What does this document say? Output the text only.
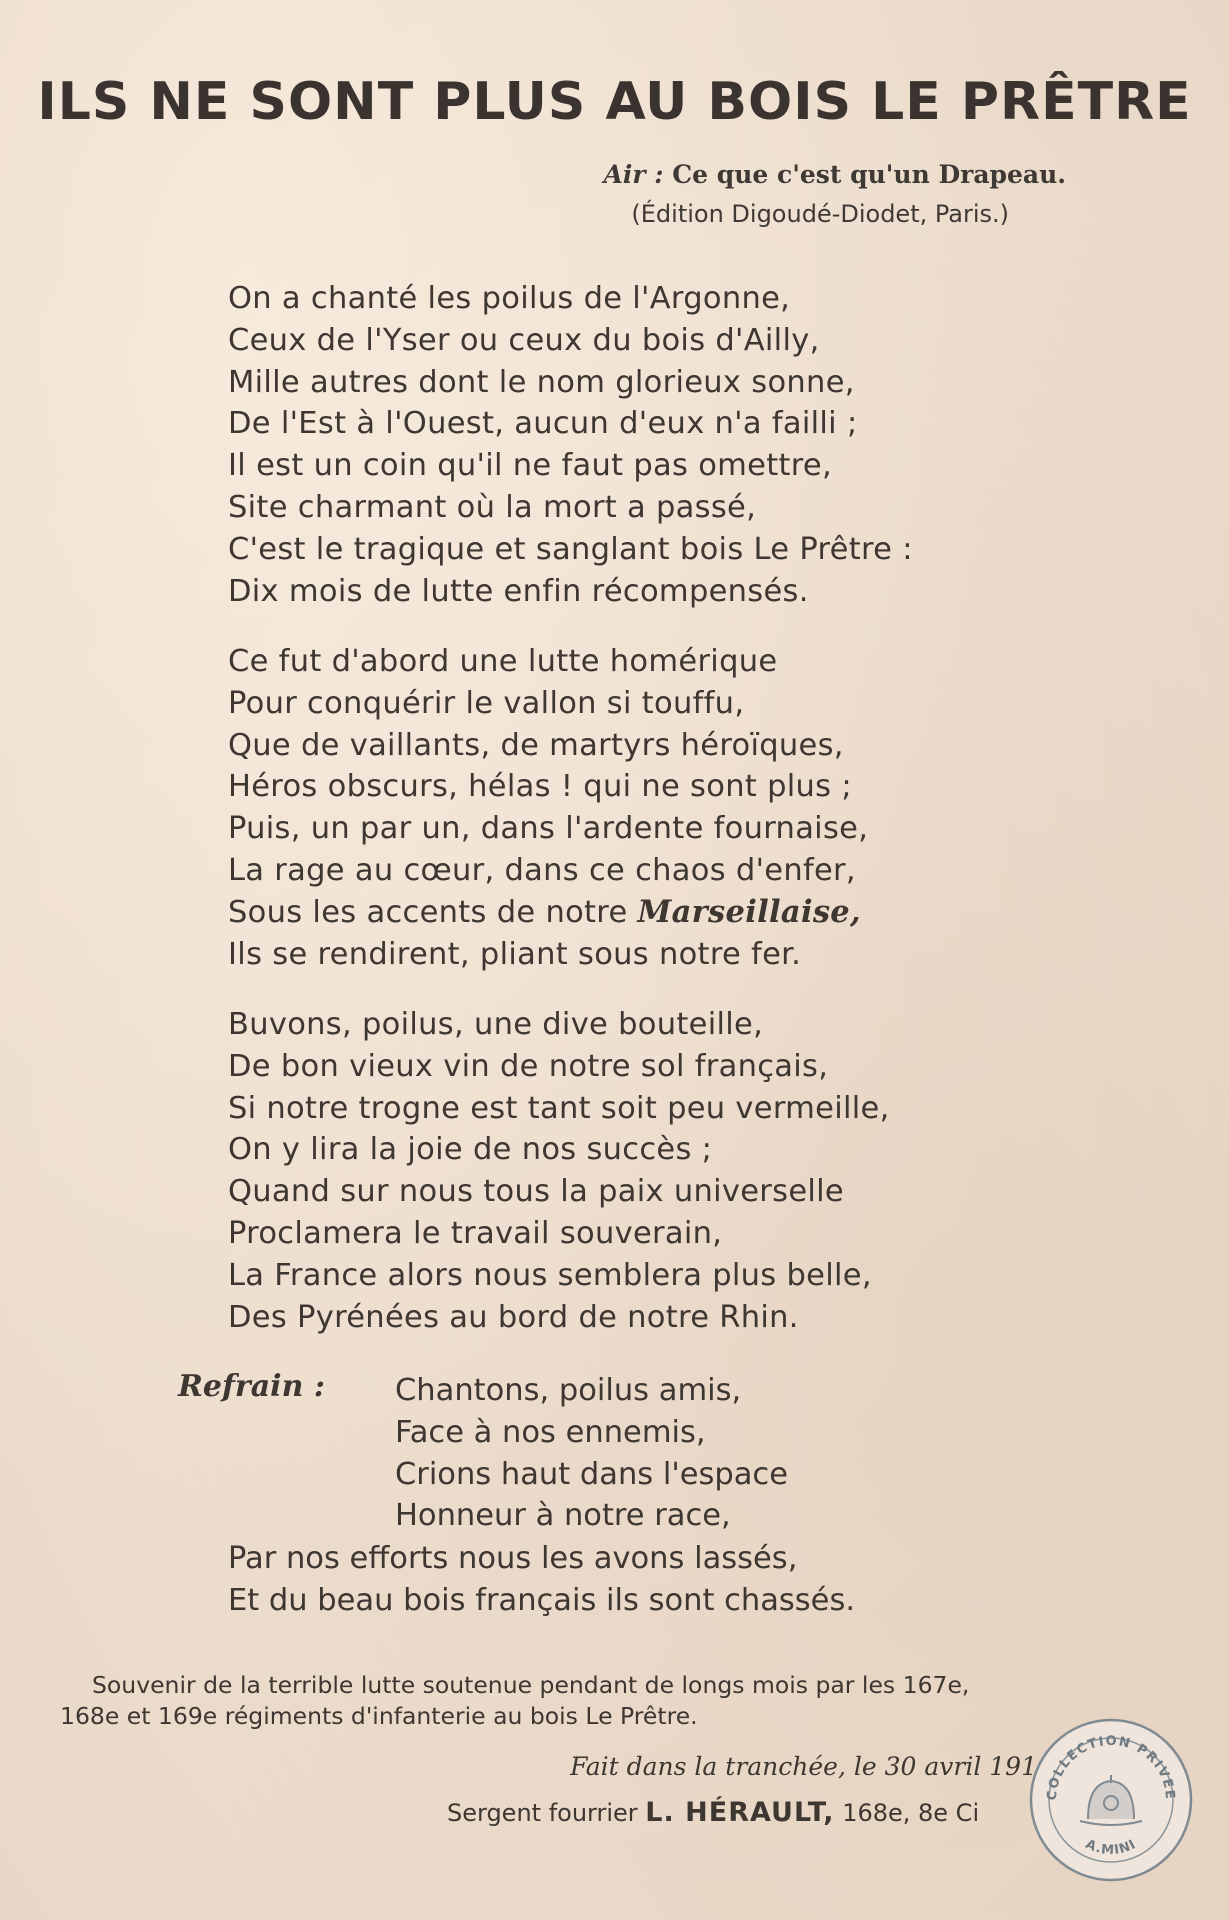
ILS NE SONT PLUS AU BOIS LE PRÊTRE
Air : Ce que c'est qu'un Drapeau.
(Édition Digoudé-Diodet, Paris.)
On a chanté les poilus de l'Argonne,
Ceux de l'Yser ou ceux du bois d'Ailly,
Mille autres dont le nom glorieux sonne,
De l'Est à l'Ouest, aucun d'eux n'a failli ;
Il est un coin qu'il ne faut pas omettre,
Site charmant où la mort a passé,
C'est le tragique et sanglant bois Le Prêtre :
Dix mois de lutte enfin récompensés.
Ce fut d'abord une lutte homérique
Pour conquérir le vallon si touffu,
Que de vaillants, de martyrs héroïques,
Héros obscurs, hélas ! qui ne sont plus ;
Puis, un par un, dans l'ardente fournaise,
La rage au cœur, dans ce chaos d'enfer,
Sous les accents de notre Marseillaise,
Ils se rendirent, pliant sous notre fer.
Buvons, poilus, une dive bouteille,
De bon vieux vin de notre sol français,
Si notre trogne est tant soit peu vermeille,
On y lira la joie de nos succès ;
Quand sur nous tous la paix universelle
Proclamera le travail souverain,
La France alors nous semblera plus belle,
Des Pyrénées au bord de notre Rhin.
Refrain : Chantons, poilus amis,
Face à nos ennemis,
Crions haut dans l'espace
Honneur à notre race,
Par nos efforts nous les avons lassés,
Et du beau bois français ils sont chassés.
Souvenir de la terrible lutte soutenue pendant de longs mois par les 167e,
168e et 169e régiments d'infanterie au bois Le Prêtre.
Fait dans la tranchée, le 30 avril 191
Sergent fourrier L. HÉRAULT, 168e, 8e Ci
COLLECTION PRIVEE
A.MINI
